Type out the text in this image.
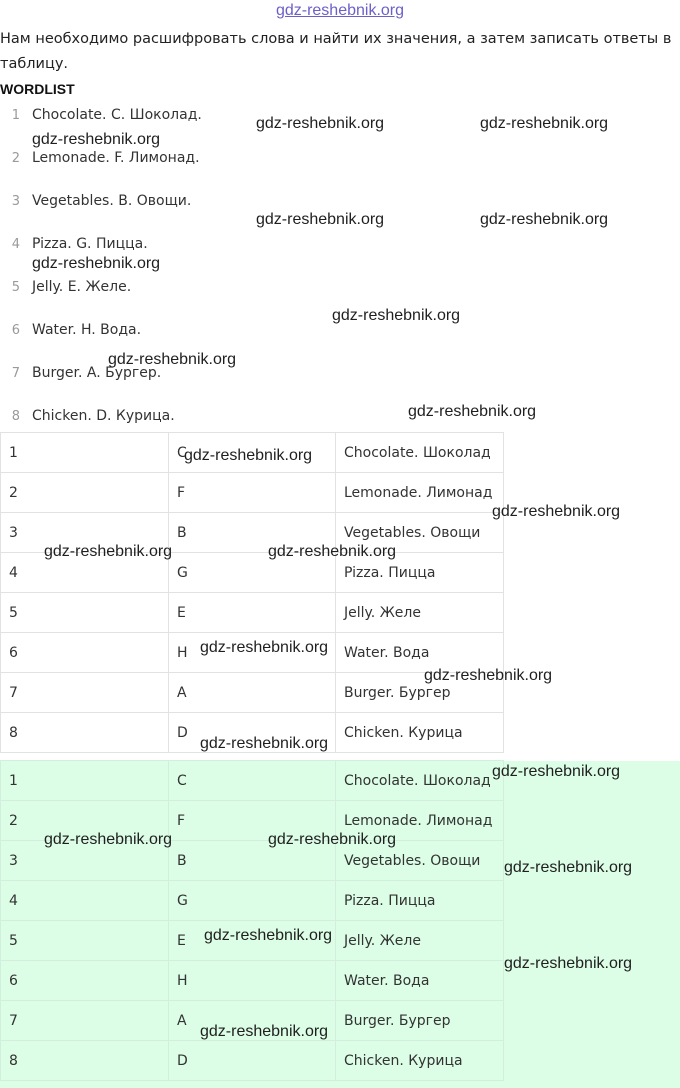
gdz-reshebnik.org
Нам необходимо расшифровать слова и найти их значения, а затем записать ответы в таблицу.
WORDLIST
1 Chocolate. C. Шоколад.
2 Lemonade. F. Лимонад.
3 Vegetables. B. Овощи.
4 Pizza. G. Пицца.
5 Jelly. E. Желе.
6 Water. H. Вода.
7 Burger. A. Бургер.
8 Chicken. D. Курица.
1	C	Chocolate. Шоколад
2	F	Lemonade. Лимонад
3	B	Vegetables. Овощи
4	G	Pizza. Пицца
5	E	Jelly. Желе
6	H	Water. Вода
7	A	Burger. Бургер
8	D	Chicken. Курица
1	C	Chocolate. Шоколад
2	F	Lemonade. Лимонад
3	B	Vegetables. Овощи
4	G	Pizza. Пицца
5	E	Jelly. Желе
6	H	Water. Вода
7	A	Burger. Бургер
8	D	Chicken. Курица
gdz-reshebnik.org
gdz-reshebnik.org	gdz-reshebnik.org
gdz-reshebnik.org	gdz-reshebnik.org
gdz-reshebnik.org
gdz-reshebnik.org
gdz-reshebnik.org
gdz-reshebnik.org
gdz-reshebnik.org
gdz-reshebnik.org
gdz-reshebnik.org	gdz-reshebnik.org
gdz-reshebnik.org
gdz-reshebnik.org
gdz-reshebnik.org
gdz-reshebnik.org
gdz-reshebnik.org	gdz-reshebnik.org
gdz-reshebnik.org
gdz-reshebnik.org
gdz-reshebnik.org
gdz-reshebnik.org
